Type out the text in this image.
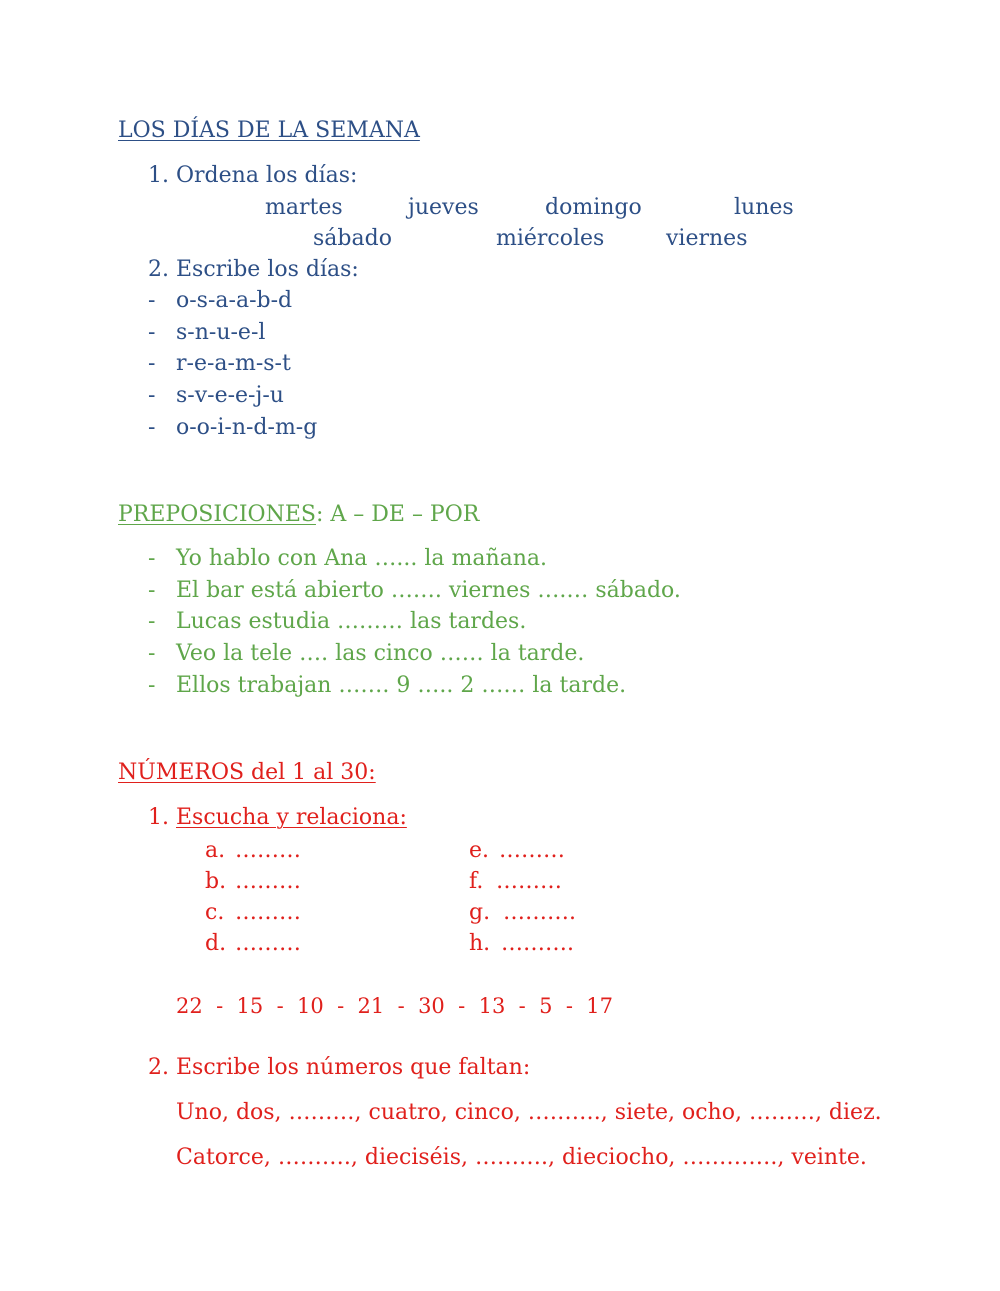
LOS DÍAS DE LA SEMANA
1. Ordena los días:
martes	jueves	domingo	lunes
sábado	miércoles	viernes
2. Escribe los días:
- o-s-a-a-b-d
- s-n-u-e-l
- r-e-a-m-s-t
- s-v-e-e-j-u
- o-o-i-n-d-m-g
PREPOSICIONES: A – DE – POR
- Yo hablo con Ana …... la mañana.
- El bar está abierto ……. viernes ….… sábado.
- Lucas estudia ……… las tardes.
- Veo la tele …. las cinco …… la tarde.
- Ellos trabajan ……. 9 ….. 2 …… la tarde.
NÚMEROS del 1 al 30:
1. Escucha y relaciona:
a. ………
b. ………
c. ………
d. ………
e. ………
f. ………
g. ……….
h. ……….
22  -  15  -  10  -  21  -  30  -  13  -  5  -  17
2. Escribe los números que faltan:
Uno, dos, ………, cuatro, cinco, ………., siete, ocho, ………, diez.
Catorce, ………., dieciséis, ………., dieciocho, …………., veinte.
